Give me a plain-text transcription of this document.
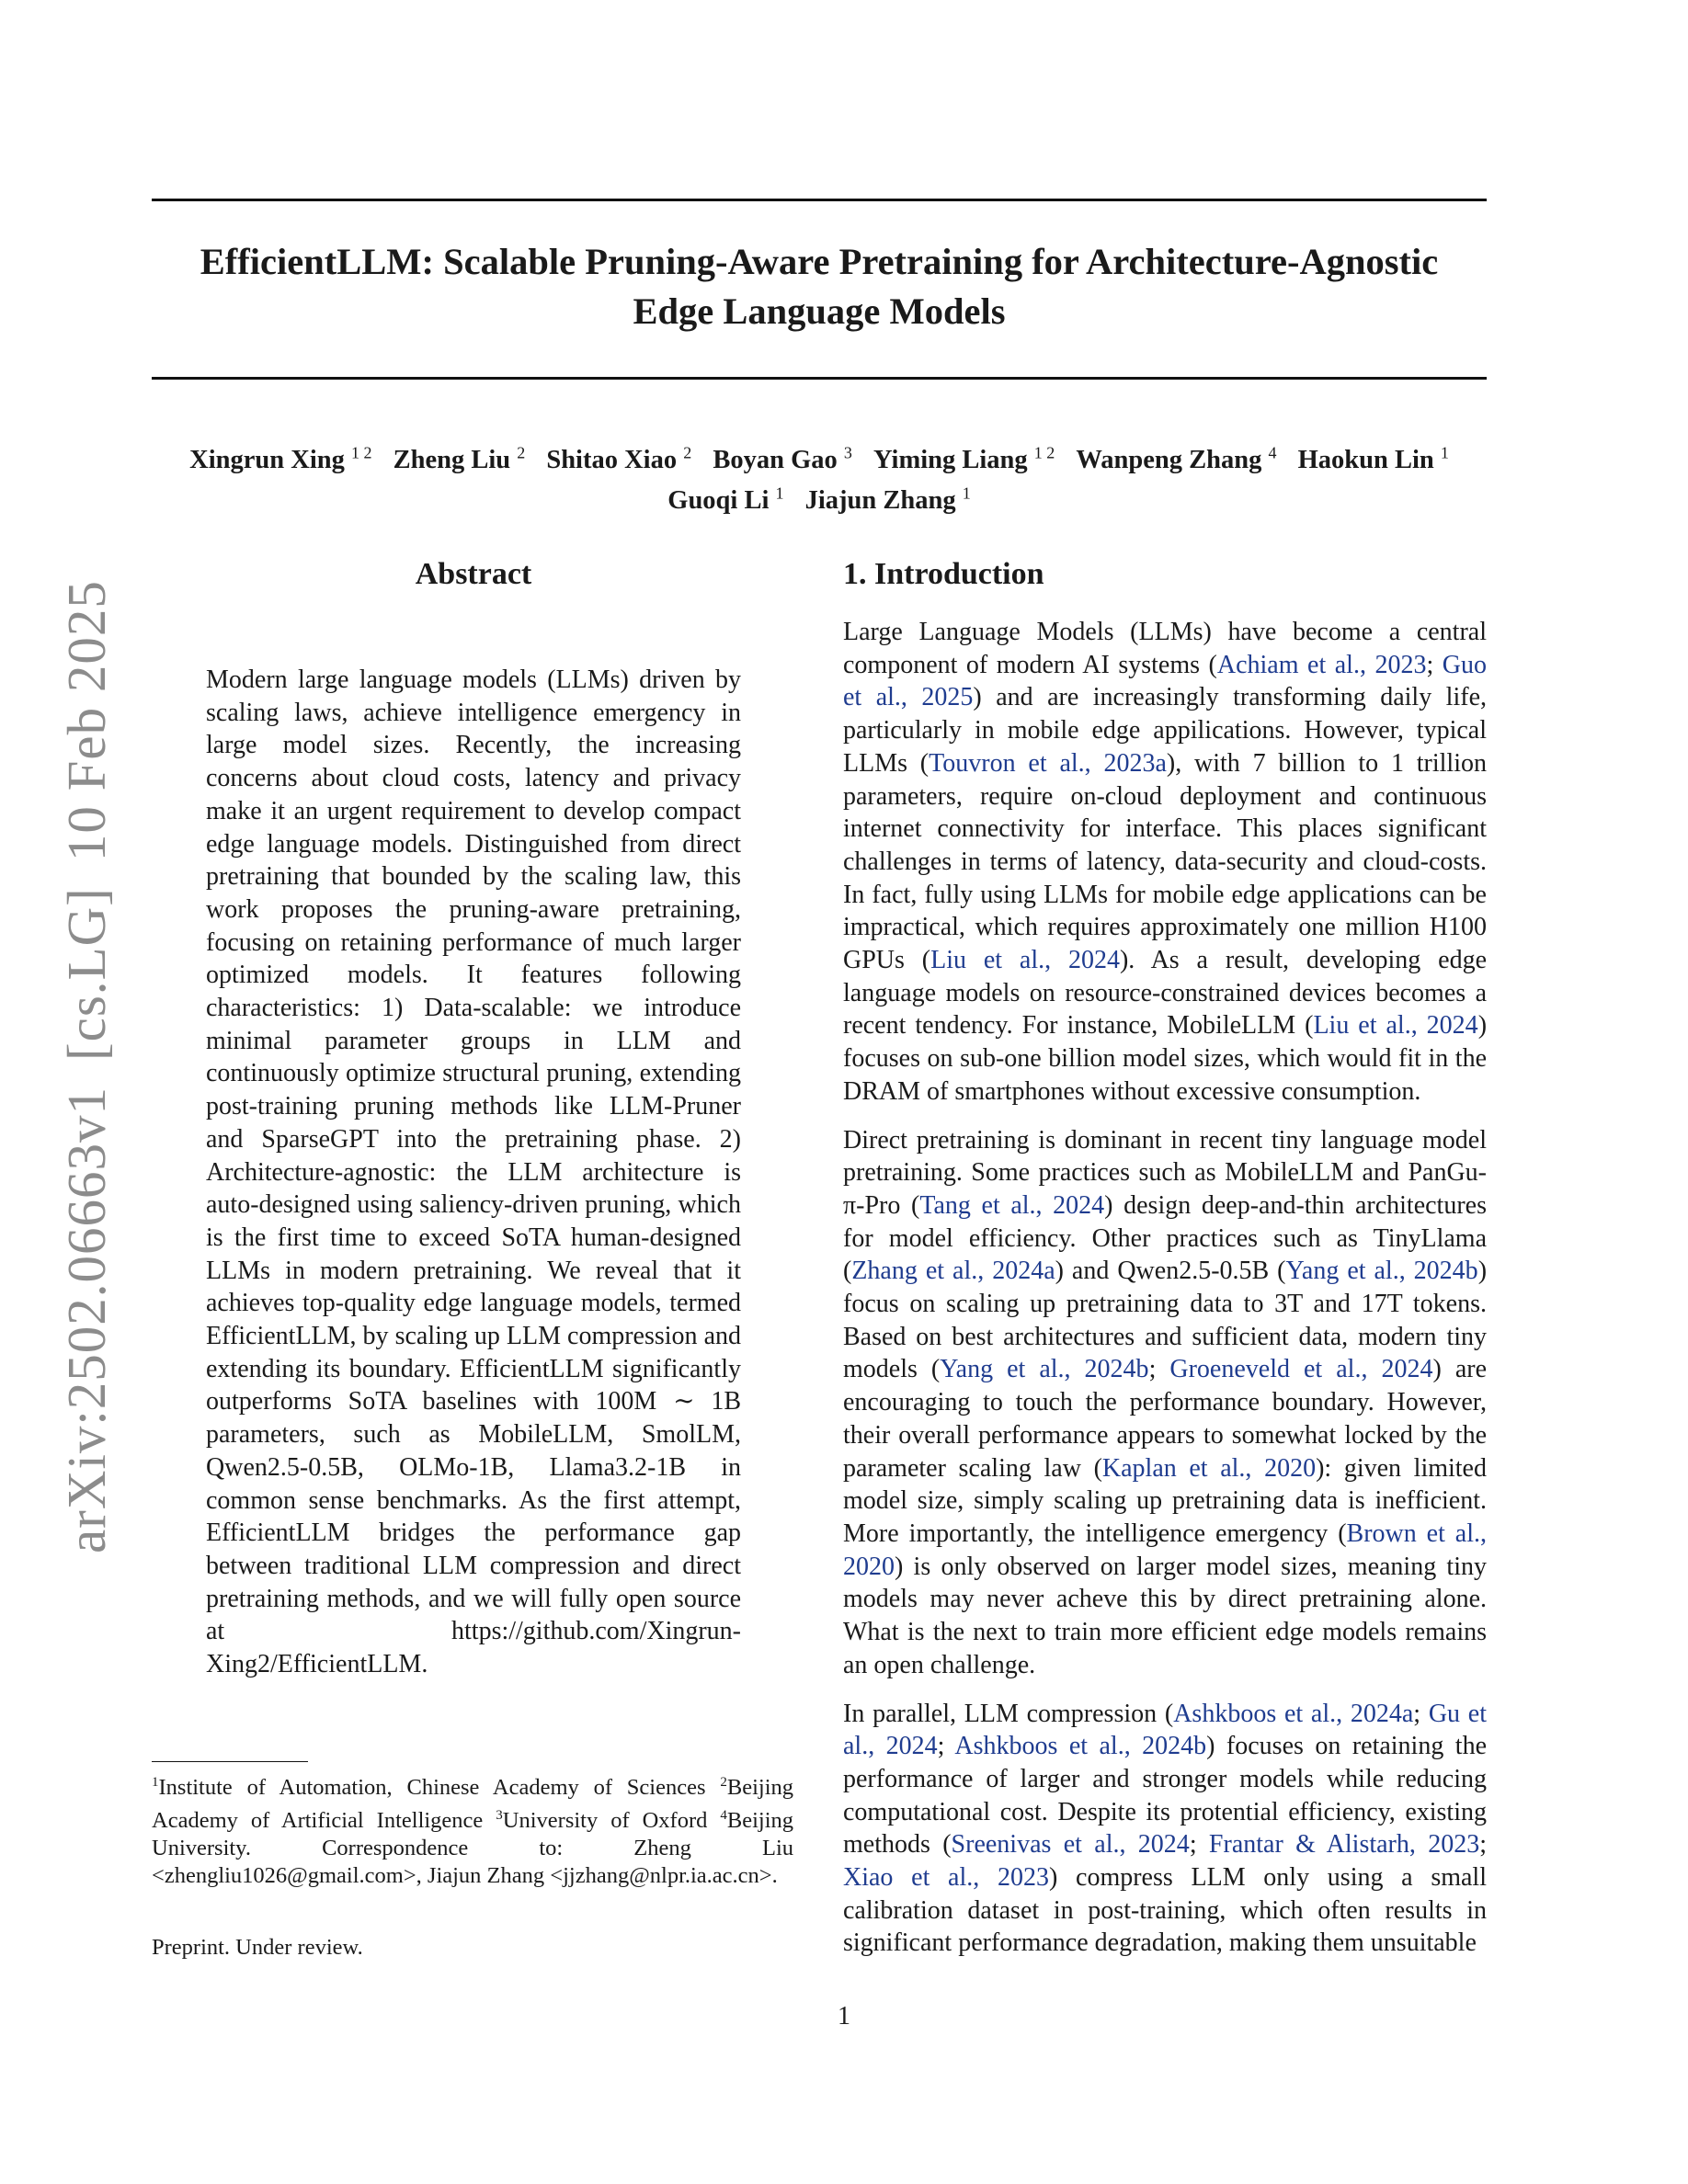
arXiv:2502.06663v1[cs.LG]10 Feb 2025
EfficientLLM: Scalable Pruning-Aware Pretraining for Architecture-Agnostic
Edge Language Models
Xingrun Xing $^{1 2}$ Zheng Liu $^2$ Shitao Xiao $^2$ Boyan Gao $^3$ Yiming Liang $^{1 2}$ Wanpeng Zhang $^4$ Haokun Lin $^1$
Guoqi Li $^1$ Jiajun Zhang $^1$
Abstract

Modern large language models (LLMs) driven by scaling laws, achieve intelligence emergency in large model sizes. Recently, the increasing concerns about cloud costs, latency and privacy make it an urgent requirement to develop compact edge language models. Distinguished from direct pretraining that bounded by the scaling law, this work proposes the pruning-aware pretraining, focusing on retaining performance of much larger optimized models. It features following characteristics: 1) Data-scalable: we introduce minimal parameter groups in LLM and continuously optimize structural pruning, extending post-training pruning methods like LLM-Pruner and SparseGPT into the pretraining phase. 2) Architecture-agnostic: the LLM architecture is auto-designed using saliency-driven pruning, which is the first time to exceed SoTA human-designed LLMs in modern pretraining. We reveal that it achieves top-quality edge language models, termed EfficientLLM, by scaling up LLM compression and extending its boundary. EfficientLLM significantly outperforms SoTA baselines with 100M ∼ 1B parameters, such as MobileLLM, SmolLM, Qwen2.5-0.5B, OLMo-1B, Llama3.2-1B in common sense benchmarks. As the first attempt, EfficientLLM bridges the performance gap between traditional LLM compression and direct pretraining methods, and we will fully open source at https://github.com/Xingrun-Xing2/EfficientLLM.

$^1$Institute of Automation, Chinese Academy of Sciences $^2$Beijing Academy of Artificial Intelligence $^3$University of Oxford $^4$Beijing University.	Correspondence to: Zheng Liu <zhengliu1026@gmail.com>, Jiajun Zhang <jjzhang@nlpr.ia.ac.cn>.
Preprint. Under review.
1. Introduction

Large Language Models (LLMs) have become a central component of modern AI systems (Achiam et al., 2023; Guo et al., 2025) and are increasingly transforming daily life, particularly in mobile edge appilications. However, typical LLMs (Touvron et al., 2023a), with 7 billion to 1 trillion parameters, require on-cloud deployment and continuous internet connectivity for interface. This places significant challenges in terms of latency, data-security and cloud-costs. In fact, fully using LLMs for mobile edge applications can be impractical, which requires approximately one million H100 GPUs (Liu et al., 2024). As a result, developing edge language models on resource-constrained devices becomes a recent tendency. For instance, MobileLLM (Liu et al., 2024) focuses on sub-one billion model sizes, which would fit in the DRAM of smartphones without excessive consumption.

Direct pretraining is dominant in recent tiny language model pretraining. Some practices such as MobileLLM and PanGu-π-Pro (Tang et al., 2024) design deep-and-thin architectures for model efficiency. Other practices such as TinyLlama (Zhang et al., 2024a) and Qwen2.5-0.5B (Yang et al., 2024b) focus on scaling up pretraining data to 3T and 17T tokens. Based on best architectures and sufficient data, modern tiny models (Yang et al., 2024b; Groeneveld et al., 2024) are encouraging to touch the performance boundary. However, their overall performance appears to somewhat locked by the parameter scaling law (Kaplan et al., 2020): given limited model size, simply scaling up pretraining data is inefficient. More importantly, the intelligence emergency (Brown et al., 2020) is only observed on larger model sizes, meaning tiny models may never acheve this by direct pretraining alone. What is the next to train more efficient edge models remains an open challenge.

In parallel, LLM compression (Ashkboos et al., 2024a; Gu et al., 2024; Ashkboos et al., 2024b) focuses on retaining the performance of larger and stronger models while reducing computational cost. Despite its protential efficiency, existing methods (Sreenivas et al., 2024; Frantar & Alistarh, 2023; Xiao et al., 2023) compress LLM only using a small calibration dataset in post-training, which often results in significant performance degradation, making them unsuitable

1
